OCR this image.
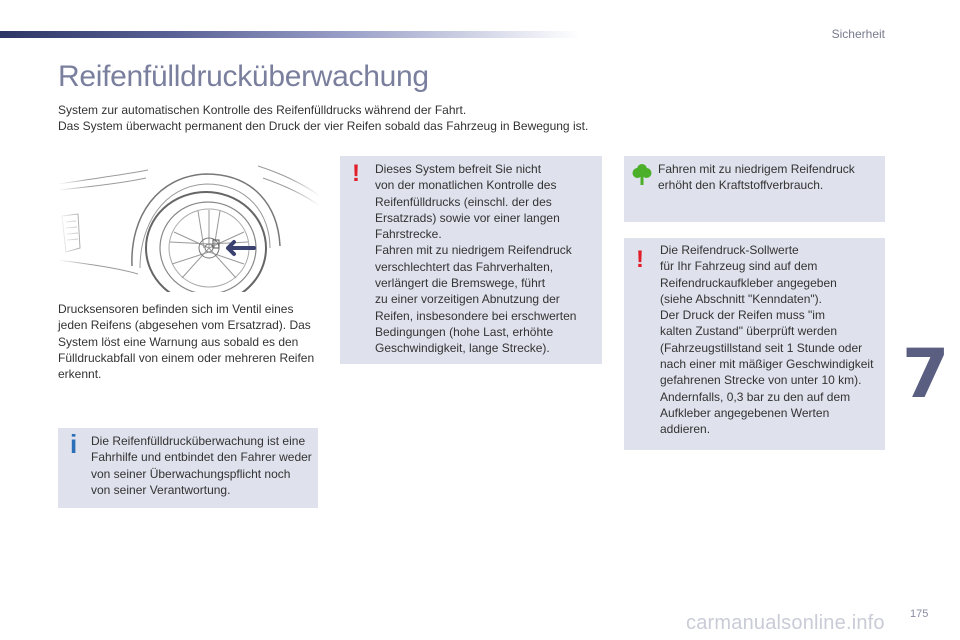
Sicherheit
Reifenfülldrucküberwachung

System zur automatischen Kontrolle des Reifenfülldrucks während der Fahrt.

Das System überwacht permanent den Druck der vier Reifen sobald das Fahrzeug in Bewegung ist.

Drucksensoren befinden sich im Ventil eines jeden Reifens (abgesehen vom Ersatzrad). Das System löst eine Warnung aus sobald es den Fülldruckabfall von einem oder mehreren Reifen erkennt.
i Die Reifenfülldrucküberwachung ist eine Fahrhilfe und entbindet den Fahrer weder von seiner Überwachungspflicht noch von seiner Verantwortung.
! Dieses System befreit Sie nicht
von der monatlichen Kontrolle des
Reifenfülldrucks (einschl. der des
Ersatzrads) sowie vor einer langen
Fahrstrecke.
Fahren mit zu niedrigem Reifendruck
verschlechtert das Fahrverhalten,
verlängert die Bremswege, führt
zu einer vorzeitigen Abnutzung der
Reifen, insbesondere bei erschwerten
Bedingungen (hohe Last, erhöhte
Geschwindigkeit, lange Strecke).
Fahren mit zu niedrigem Reifendruck
erhöht den Kraftstoffverbrauch.
! Die Reifendruck-Sollwerte
für Ihr Fahrzeug sind auf dem
Reifendruckaufkleber angegeben
(siehe Abschnitt "Kenndaten").
Der Druck der Reifen muss "im
kalten Zustand" überprüft werden
(Fahrzeugstillstand seit 1 Stunde oder
nach einer mit mäßiger Geschwindigkeit
gefahrenen Strecke von unter 10 km).
Andernfalls, 0,3 bar zu den auf dem
Aufkleber angegebenen Werten
addieren.
7
carmanualsonline.info 175
